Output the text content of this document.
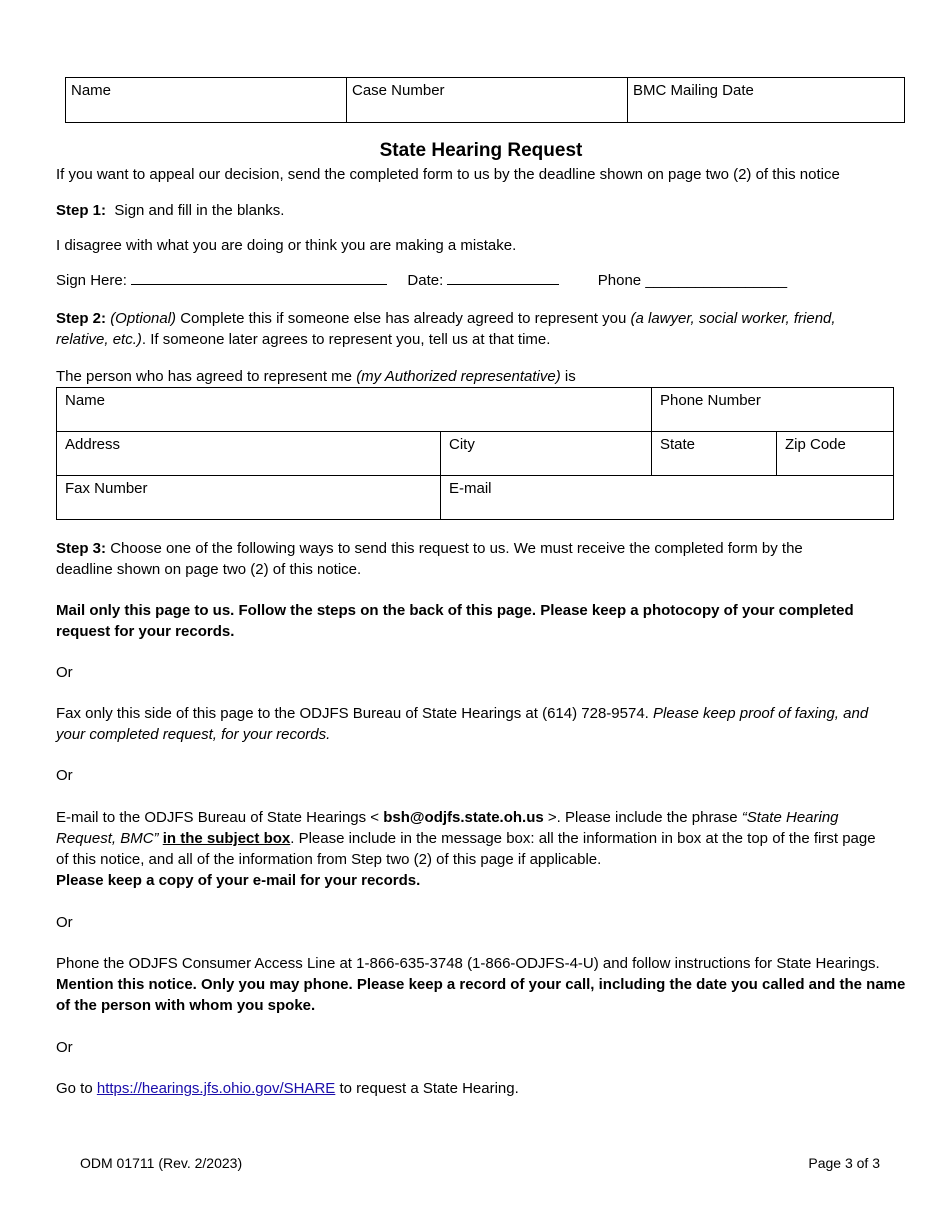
Name	Case Number	BMC Mailing Date
State Hearing Request
If you want to appeal our decision, send the completed form to us by the deadline shown on page two (2) of this notice
Step 1: Sign and fill in the blanks.
I disagree with what you are doing or think you are making a mistake.
Sign Here:	Date:	Phone _________________
Step 2: (Optional) Complete this if someone else has already agreed to represent you (a lawyer, social worker, friend, relative, etc.). If someone later agrees to represent you, tell us at that time.
The person who has agreed to represent me (my Authorized representative) is
Name		Phone Number	
Address	City	State	Zip Code
Fax Number	E-mail		
Step 3: Choose one of the following ways to send this request to us. We must receive the completed form by the deadline shown on page two (2) of this notice.
Mail only this page to us. Follow the steps on the back of this page. Please keep a photocopy of your completed request for your records.
Or
Fax only this side of this page to the ODJFS Bureau of State Hearings at (614) 728-9574. Please keep proof of faxing, and your completed request, for your records.
Or
E-mail to the ODJFS Bureau of State Hearings < bsh@odjfs.state.oh.us >. Please include the phrase “State Hearing Request, BMC” in the subject box. Please include in the message box: all the information in box at the top of the first page of this notice, and all of the information from Step two (2) of this page if applicable.
Please keep a copy of your e-mail for your records.
Or
Phone the ODJFS Consumer Access Line at 1-866-635-3748 (1-866-ODJFS-4-U) and follow instructions for State Hearings.
Mention this notice. Only you may phone. Please keep a record of your call, including the date you called and the name of the person with whom you spoke.
Or
Go to https://hearings.jfs.ohio.gov/SHARE to request a State Hearing.
ODM 01711 (Rev. 2/2023)	Page 3 of 3
